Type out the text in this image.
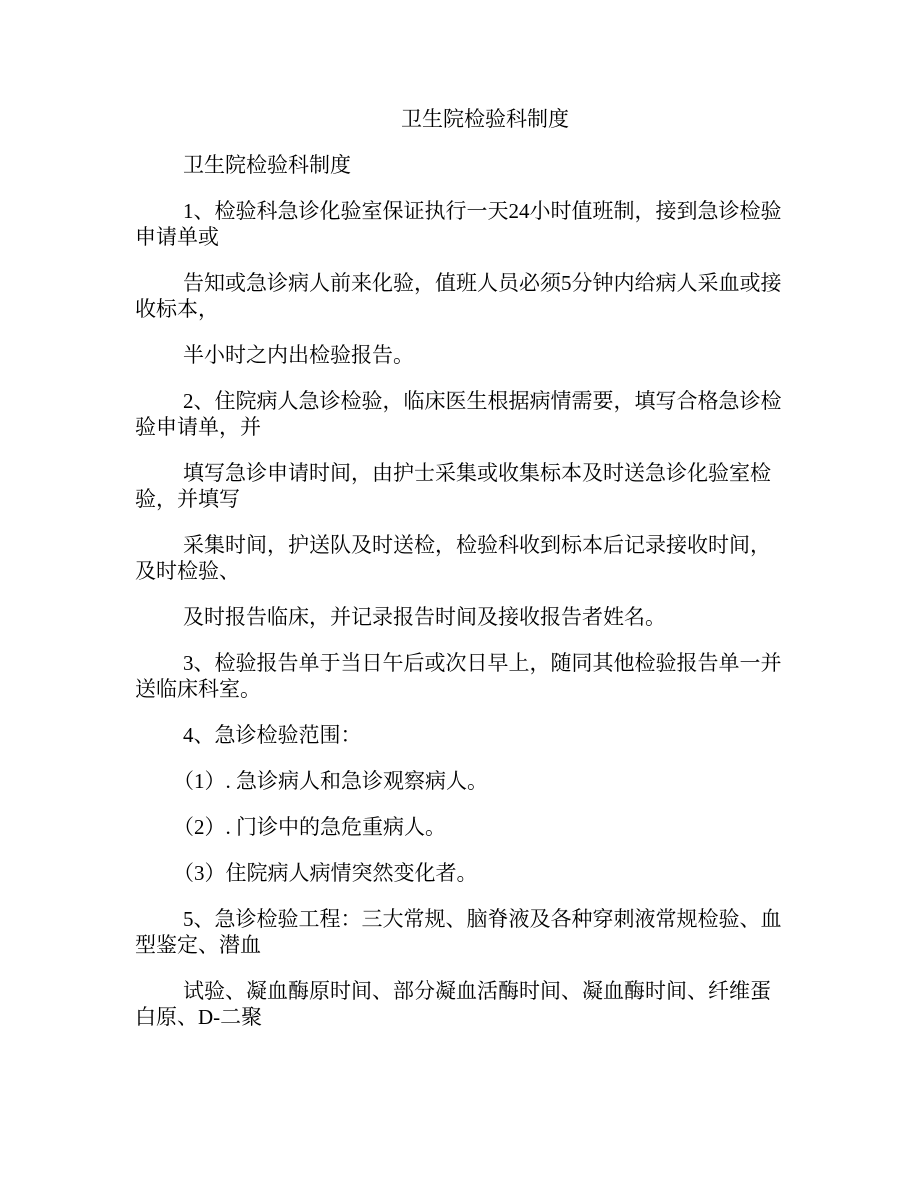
卫生院检验科制度
卫生院检验科制度
1、检验科急诊化验室保证执行一天24小时值班制，接到急诊检验
申请单或
告知或急诊病人前来化验，值班人员必须5分钟内给病人采血或接
收标本，
半小时之内出检验报告。
2、住院病人急诊检验，临床医生根据病情需要，填写合格急诊检
验申请单，并
填写急诊申请时间，由护士采集或收集标本及时送急诊化验室检
验，并填写
采集时间，护送队及时送检，检验科收到标本后记录接收时间，
及时检验、
及时报告临床，并记录报告时间及接收报告者姓名。
3、检验报告单于当日午后或次日早上，随同其他检验报告单一并
送临床科室。
4、急诊检验范围：
（1）. 急诊病人和急诊观察病人。
（2）. 门诊中的急危重病人。
（3）住院病人病情突然变化者。
5、急诊检验工程：三大常规、脑脊液及各种穿刺液常规检验、血
型鉴定、潜血
试验、凝血酶原时间、部分凝血活酶时间、凝血酶时间、纤维蛋
白原、D-二聚
